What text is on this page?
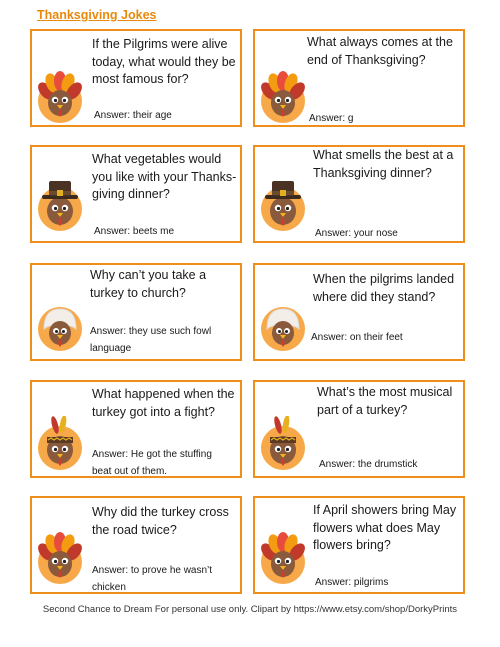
Thanksgiving Jokes
If the Pilgrims were alive today, what would they be most famous for?
Answer: their age
What always comes at the end of Thanksgiving?
Answer: g
What vegetables would you like with your Thanks-giving dinner?
Answer: beets me
What smells the best at a Thanksgiving dinner?
Answer: your nose
Why can’t you take a turkey to church?
Answer: they use such fowl language
When the pilgrims landed where did they stand?
Answer: on their feet
What happened when the turkey got into a fight?
Answer: He got the stuffing beat out of them.
What’s the most musical part of a turkey?
Answer: the drumstick
Why did the turkey cross the road twice?
Answer: to prove he wasn’t chicken
If April showers bring May flowers what does May flowers bring?
Answer: pilgrims
Second Chance to Dream For personal use only. Clipart by https://www.etsy.com/shop/DorkyPrints
